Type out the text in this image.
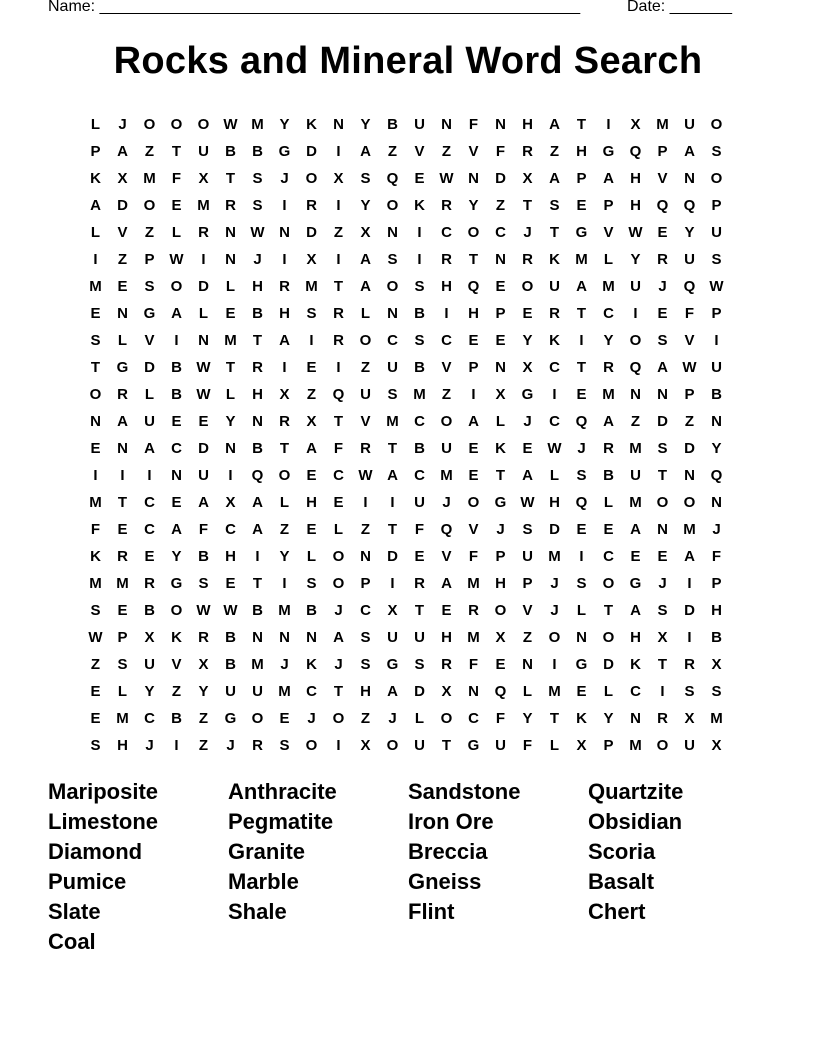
Name: ______________________________________________________	Date: _______
Rocks and Mineral Word Search
L	J	O	O	O W M	Y	K	N	Y	B	U	N	F	N	H	A	T	I	X	M	U	O
P	A	Z	T	U	B	B	G	D	I	A	Z	V	Z	V	F	R	Z	H	G	Q	P	A	S
K	X	M	F	X	T	S	J	O	X	S	Q	E W N	D	X	A	P	A	H	V	N	O
A	D	O	E	M	R	S	I	R	I	Y	O	K	R	Y	Z	T	S	E	P	H	Q	Q	P
L	V	Z	L	R	N W N	D	Z	X	N	I	C	O	C	J	T	G	V W E	Y	U
I	Z	P W	I	N	J	I	X	I	A	S	I	R	T	N	R	K	M	L	Y	R	U	S
M	E	S	O	D	L	H	R	M	T	A	O	S	H	Q	E	O	U	A	M	U	J	Q W
E	N	G	A	L	E	B	H	S	R	L	N	B	I	H	P	E	R	T	C	I	E	F	P
S	L	V	I	N	M	T	A	I	R	O	C	S	C	E	E	Y	K	I	Y	O	S	V	I
T	G	D	B W	T	R	I	E	I	Z	U	B	V	P	N	X	C	T	R	Q	A W U
O	R	L	B W	L	H	X	Z	Q	U	S	M	Z	I	X	G	I	E	M	N	N	P	B
N	A	U	E	E	Y	N	R	X	T	V	M	C	O	A	L	J	C	Q	A	Z	D	Z	N
E	N	A	C	D	N	B	T	A	F	R	T	B	U	E	K	E W	J	R	M	S	D	Y
I	I	I	N	U	I	Q	O	E	C W A	C	M	E	T	A	L	S	B	U	T	N	Q
M	T	C	E	A	X	A	L	H	E	I	I	U	J	O	G W H	Q	L	M O	O	N
F	E	C	A	F	C	A	Z	E	L	Z	T	F	Q	V	J	S	D	E	E	A	N	M	J
K	R	E	Y	B	H	I	Y	L	O	N	D	E	V	F	P	U	M	I	C	E	E	A	F
M M	R	G	S	E	T	I	S	O	P	I	R	A	M	H	P	J	S	O	G	J	I	P
S	E	B	O W W B	M	B	J	C	X	T	E	R	O	V	J	L	T	A	S	D	H
W P	X	K	R	B	N	N	N	A	S	U	U	H	M	X	Z	O	N	O	H	X	I	B
Z	S	U	V	X	B	M	J	K	J	S	G	S	R	F	E	N	I	G	D	K	T	R	X
E	L	Y	Z	Y	U	U	M	C	T	H	A	D	X	N	Q	L	M	E	L	C	I	S	S
E	M	C	B	Z	G	O	E	J	O	Z	J	L	O	C	F	Y	T	K	Y	N	R	X	M
S	H	J	I	Z	J	R	S	O	I	X	O	U	T	G	U	F	L	X	P	M O	U	X
Mariposite	Anthracite	Sandstone	Quartzite
Limestone	Pegmatite	Iron Ore	Obsidian
Diamond	Granite	Breccia	Scoria
Pumice	Marble	Gneiss	Basalt
Slate	Shale	Flint	Chert
Coal
